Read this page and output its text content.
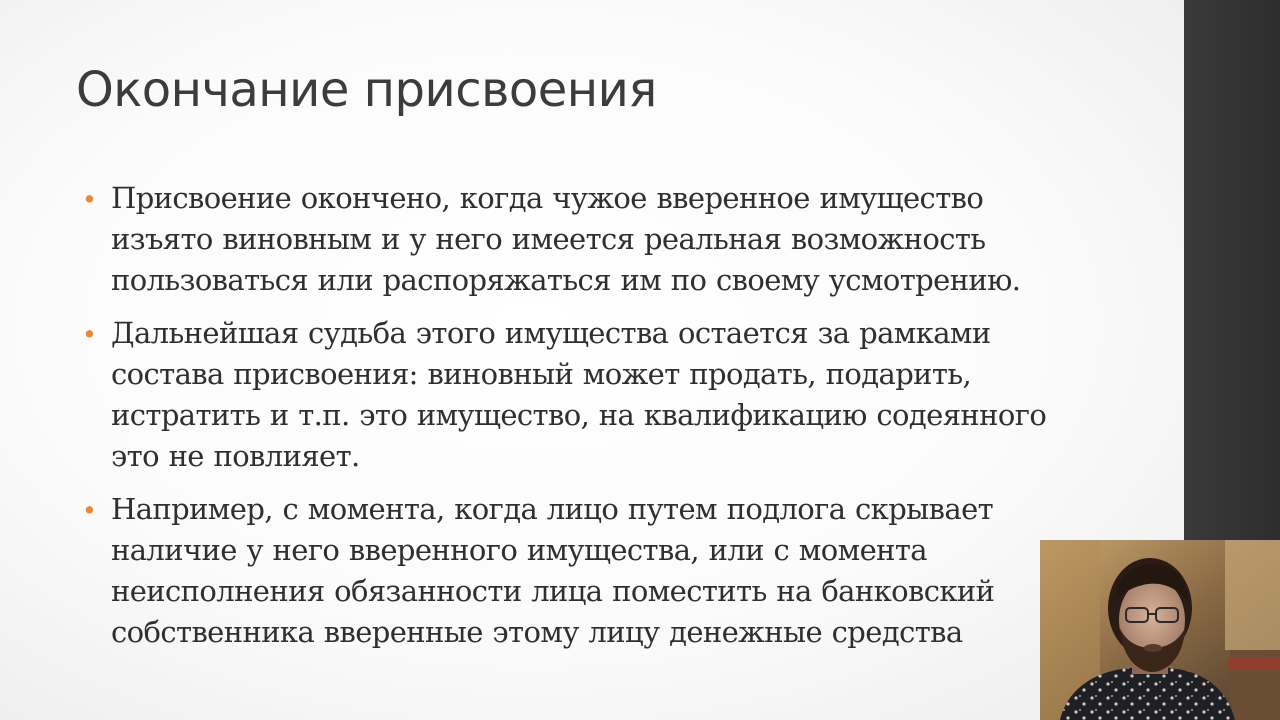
Окончание присвоения
• Присвоение окончено, когда чужое вверенное имущество изъято виновным и у него имеется реальная возможность пользоваться или распоряжаться им по своему усмотрению.
• Дальнейшая судьба этого имущества остается за рамками состава присвоения: виновный может продать, подарить, истратить и т.п. это имущество, на квалификацию содеянного это не повлияет.
• Например, с момента, когда лицо путем подлога скрывает наличие у него вверенного имущества, или с момента неисполнения обязанности лица поместить на банковский собственника вверенные этому лицу денежные средства
